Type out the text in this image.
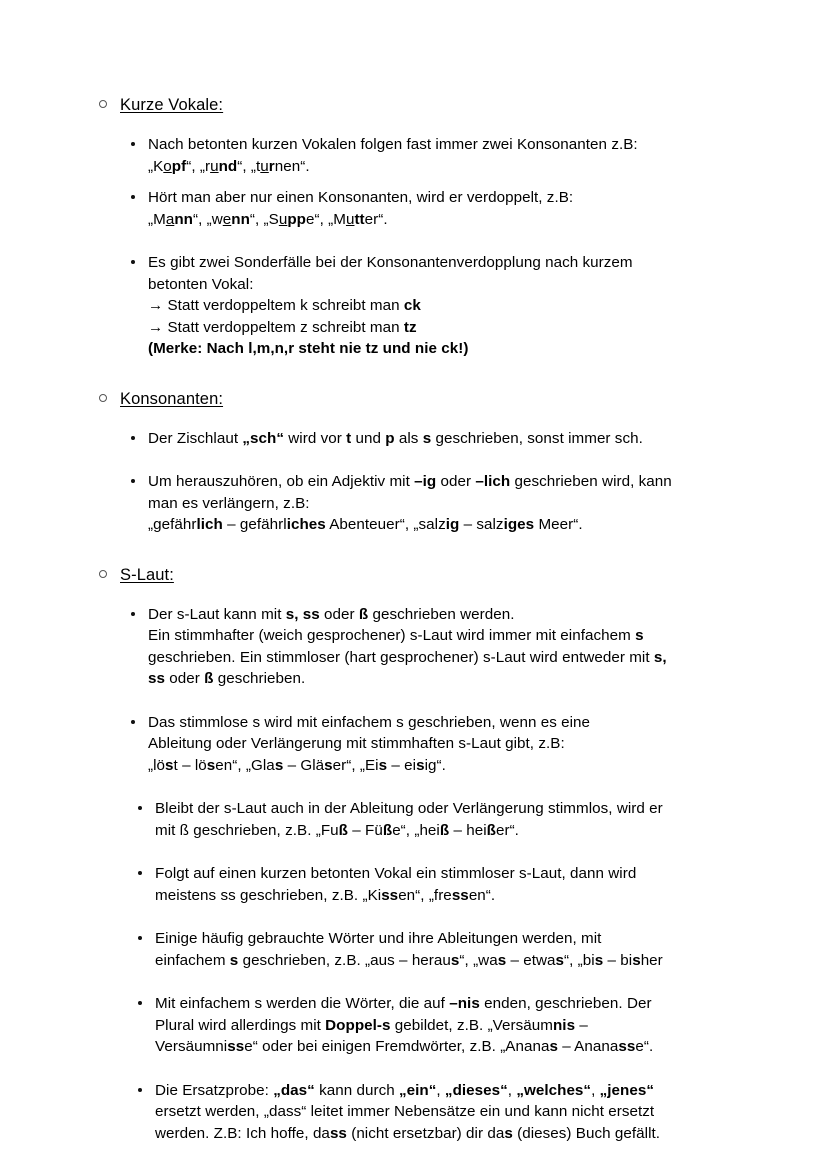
Kurze Vokale:
Nach betonten kurzen Vokalen folgen fast immer zwei Konsonanten z.B:
„Kopf“, „rund“, „turnen“.
Hört man aber nur einen Konsonanten, wird er verdoppelt, z.B:
„Mann“, „wenn“, „Suppe“, „Mutter“.
Es gibt zwei Sonderfälle bei der Konsonantenverdopplung nach kurzem
betonten Vokal:
→ Statt verdoppeltem k schreibt man ck
→ Statt verdoppeltem z schreibt man tz
(Merke: Nach l,m,n,r steht nie tz und nie ck!)
Konsonanten:
Der Zischlaut „sch“ wird vor t und p als s geschrieben, sonst immer sch.
Um herauszuhören, ob ein Adjektiv mit –ig oder –lich geschrieben wird, kann
man es verlängern, z.B:
„gefährlich – gefährliches Abenteuer“, „salzig – salziges Meer“.
S-Laut:
Der s-Laut kann mit s, ss oder ß geschrieben werden.
Ein stimmhafter (weich gesprochener) s-Laut wird immer mit einfachem s
geschrieben. Ein stimmloser (hart gesprochener) s-Laut wird entweder mit s,
ss oder ß geschrieben.
Das stimmlose s wird mit einfachem s geschrieben, wenn es eine
Ableitung oder Verlängerung mit stimmhaften s-Laut gibt, z.B:
„löst – lösen“, „Glas – Gläser“, „Eis – eisig“.
Bleibt der s-Laut auch in der Ableitung oder Verlängerung stimmlos, wird er
mit ß geschrieben, z.B. „Fuß – Füße“, „heiß – heißer“.
Folgt auf einen kurzen betonten Vokal ein stimmloser s-Laut, dann wird
meistens ss geschrieben, z.B. „Kissen“, „fressen“.
Einige häufig gebrauchte Wörter und ihre Ableitungen werden, mit
einfachem s geschrieben, z.B. „aus – heraus“, „was – etwas“, „bis – bisher
Mit einfachem s werden die Wörter, die auf –nis enden, geschrieben. Der
Plural wird allerdings mit Doppel-s gebildet, z.B. „Versäumnis –
Versäumnisse“ oder bei einigen Fremdwörter, z.B. „Ananas – Ananasse“.
Die Ersatzprobe: „das“ kann durch „ein“, „dieses“, „welches“, „jenes“
ersetzt werden, „dass“ leitet immer Nebensätze ein und kann nicht ersetzt
werden. Z.B: Ich hoffe, dass (nicht ersetzbar) dir das (dieses) Buch gefällt.
